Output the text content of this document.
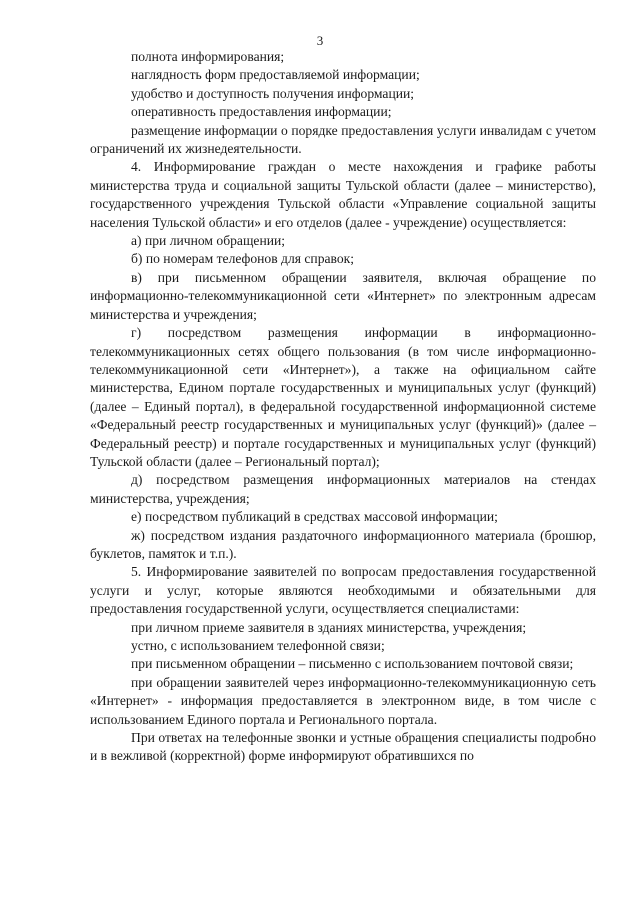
3

полнота информирования;

наглядность форм предоставляемой информации;

удобство и доступность получения информации;

оперативность предоставления информации;

размещение информации о порядке предоставления услуги инвалидам с учетом ограничений их жизнедеятельности.

4. Информирование граждан о месте нахождения и графике работы министерства труда и социальной защиты Тульской области (далее – министерство), государственного учреждения Тульской области «Управление социальной защиты населения Тульской области» и его отделов (далее - учреждение) осуществляется:

а) при личном обращении;

б) по номерам телефонов для справок;

в) при письменном обращении заявителя, включая обращение по информационно-телекоммуникационной сети «Интернет» по электронным адресам министерства и учреждения;

г) посредством размещения информации в информационно-телекоммуникационных сетях общего пользования (в том числе информационно-телекоммуникационной сети «Интернет»), а также на официальном сайте министерства, Едином портале государственных и муниципальных услуг (функций) (далее – Единый портал), в федеральной государственной информационной системе «Федеральный реестр государственных и муниципальных услуг (функций)» (далее – Федеральный реестр) и портале государственных и муниципальных услуг (функций) Тульской области (далее – Региональный портал);

д) посредством размещения информационных материалов на стендах министерства, учреждения;

е) посредством публикаций в средствах массовой информации;

ж) посредством издания раздаточного информационного материала (брошюр, буклетов, памяток и т.п.).

5. Информирование заявителей по вопросам предоставления государственной услуги и услуг, которые являются необходимыми и обязательными для предоставления государственной услуги, осуществляется специалистами:

при личном приеме заявителя в зданиях министерства, учреждения;

устно, с использованием телефонной связи;

при письменном обращении – письменно с использованием почтовой связи;

при обращении заявителей через информационно-телекоммуникационную сеть «Интернет» - информация предоставляется в электронном виде, в том числе с использованием Единого портала и Регионального портала.

При ответах на телефонные звонки и устные обращения специалисты подробно и в вежливой (корректной) форме информируют обратившихся по
